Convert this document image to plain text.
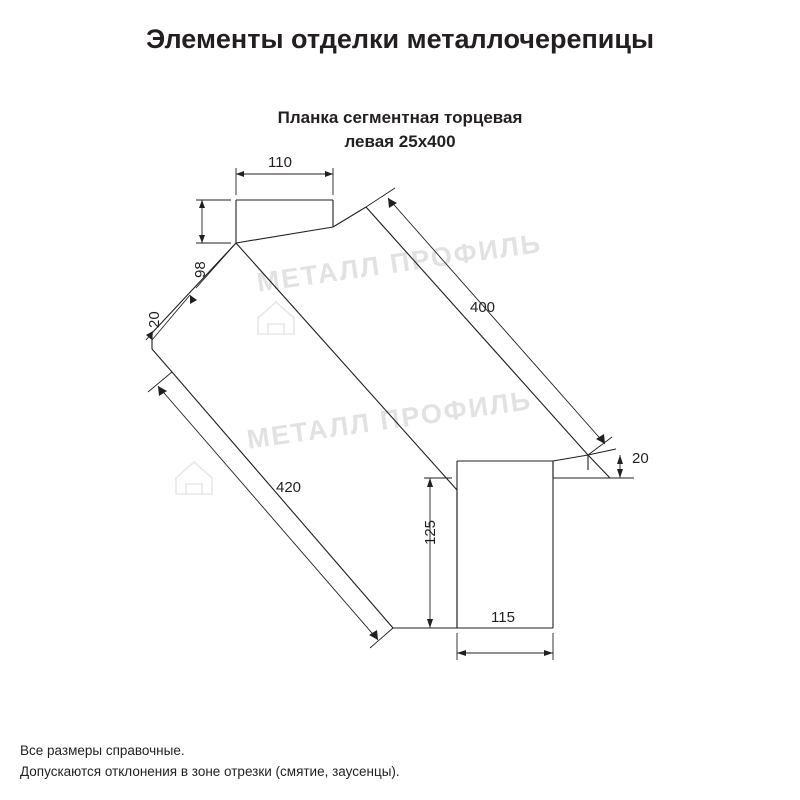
Элементы отделки металлочерепицы
Планка сегментная торцевая
левая 25х400
МЕТАЛЛ ПРОФИЛЬ
МЕТАЛЛ ПРОФИЛЬ
110
98
20
400
420
20
125
115
Все размеры справочные.
Допускаются отклонения в зоне отрезки (смятие, заусенцы).
